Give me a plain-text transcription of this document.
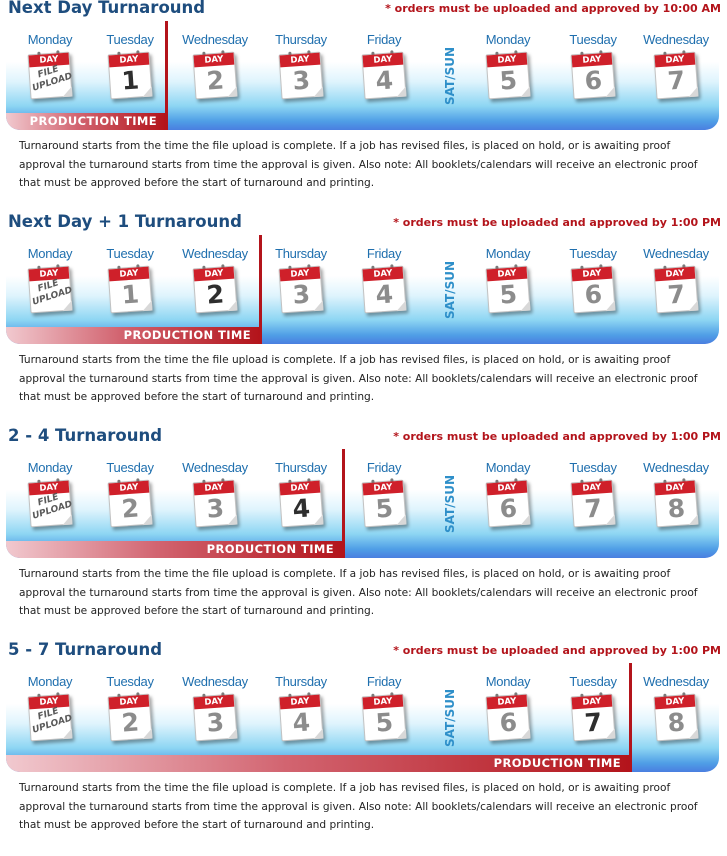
Next Day Turnaround	* orders must be uploaded and approved by 10:00 AM
PRODUCTION TIME
Monday
DAY
FILE UPLOAD
Tuesday
DAY
1
Wednesday
DAY
2
Thursday
DAY
3
Friday
DAY
4	SAT/SUN
Monday
DAY
5
Tuesday
DAY
6
Wednesday
DAY
7
Turnaround starts from the time the file upload is complete. If a job has revised files, is placed on hold, or is awaiting proof approval the turnaround starts from time the approval is given. Also note: All booklets/calendars will receive an electronic proof that must be approved before the start of turnaround and printing.
Next Day + 1 Turnaround	* orders must be uploaded and approved by 1:00 PM
PRODUCTION TIME
Monday
DAY
FILE UPLOAD
Tuesday
DAY
1
Wednesday
DAY
2
Thursday
DAY
3
Friday
DAY
4	SAT/SUN
Monday
DAY
5
Tuesday
DAY
6
Wednesday
DAY
7
Turnaround starts from the time the file upload is complete. If a job has revised files, is placed on hold, or is awaiting proof approval the turnaround starts from time the approval is given. Also note: All booklets/calendars will receive an electronic proof that must be approved before the start of turnaround and printing.
2 - 4 Turnaround	* orders must be uploaded and approved by 1:00 PM
PRODUCTION TIME
Monday
DAY
FILE UPLOAD
Tuesday
DAY
2
Wednesday
DAY
3
Thursday
DAY
4
Friday
DAY
5	SAT/SUN
Monday
DAY
6
Tuesday
DAY
7
Wednesday
DAY
8
Turnaround starts from the time the file upload is complete. If a job has revised files, is placed on hold, or is awaiting proof approval the turnaround starts from time the approval is given. Also note: All booklets/calendars will receive an electronic proof that must be approved before the start of turnaround and printing.
5 - 7 Turnaround	* orders must be uploaded and approved by 1:00 PM
PRODUCTION TIME
Monday
DAY
FILE UPLOAD
Tuesday
DAY
2
Wednesday
DAY
3
Thursday
DAY
4
Friday
DAY
5	SAT/SUN
Monday
DAY
6
Tuesday
DAY
7
Wednesday
DAY
8
Turnaround starts from the time the file upload is complete. If a job has revised files, is placed on hold, or is awaiting proof approval the turnaround starts from time the approval is given. Also note: All booklets/calendars will receive an electronic proof that must be approved before the start of turnaround and printing.
